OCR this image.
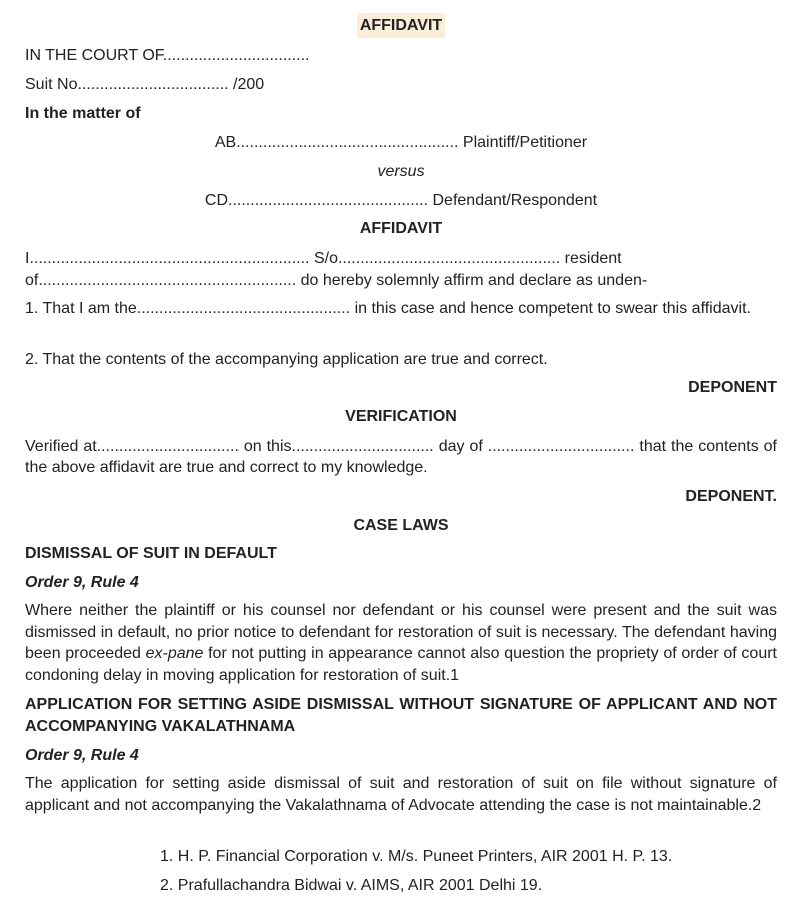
AFFIDAVIT
IN THE COURT OF.................................
Suit No.................................. /200
In the matter of
AB.................................................. Plaintiff/Petitioner
versus
CD............................................. Defendant/Respondent
AFFIDAVIT
I............................................................... S/o.................................................. resident
of.......................................................... do hereby solemnly affirm and declare as unden-
1. That I am the................................................ in this case and hence competent to swear this affidavit.
2. That the contents of the accompanying application are true and correct.
DEPONENT
VERIFICATION
Verified at................................ on this................................ day of ................................. that the contents of the above affidavit are true and correct to my knowledge.
DEPONENT.
CASE LAWS
DISMISSAL OF SUIT IN DEFAULT
Order 9, Rule 4
Where neither the plaintiff or his counsel nor defendant or his counsel were present and the suit was dismissed in default, no prior notice to defendant for restoration of suit is necessary. The defendant having been proceeded ex-pane for not putting in appearance cannot also question the propriety of order of court condoning delay in moving application for restoration of suit.1
APPLICATION FOR SETTING ASIDE DISMISSAL WITHOUT SIGNATURE OF APPLICANT AND NOT ACCOMPANYING VAKALATHNAMA
Order 9, Rule 4
The application for setting aside dismissal of suit and restoration of suit on file without signature of applicant and not accompanying the Vakalathnama of Advocate attending the case is not maintainable.2
1. H. P. Financial Corporation v. M/s. Puneet Printers, AIR 2001 H. P. 13.
2. Prafullachandra Bidwai v. AIMS, AIR 2001 Delhi 19.
